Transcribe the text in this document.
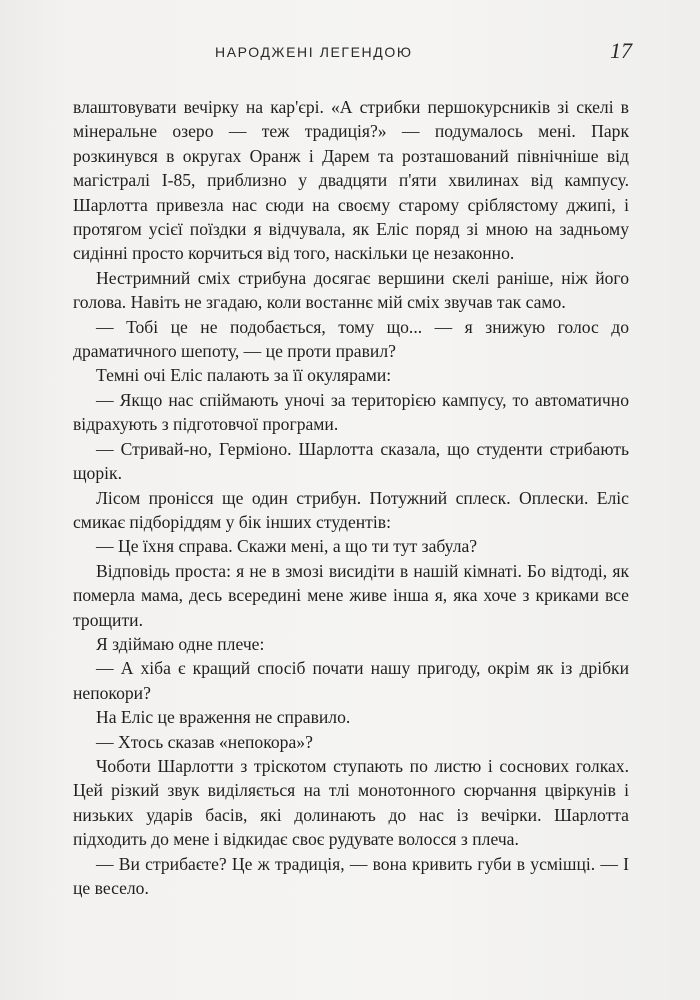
НАРОДЖЕНІ ЛЕГЕНДОЮ	17

влаштовувати вечірку на кар'єрі. «А стрибки першокурсників зі скелі в мінеральне озеро — теж традиція?» — подумалось мені. Парк розкинувся в округах Оранж і Дарем та розташований північніше від магістралі I-85, приблизно у двадцяти п'яти хвилинах від кампусу. Шарлотта привезла нас сюди на своєму старому сріблястому джипі, і протягом усієї поїздки я відчувала, як Еліс поряд зі мною на задньому сидінні просто корчиться від того, наскільки це незаконно.

Нестримний сміх стрибуна досягає вершини скелі раніше, ніж його голова. Навіть не згадаю, коли востаннє мій сміх звучав так само.

— Тобі це не подобається, тому що... — я знижую голос до драматичного шепоту, — це проти правил?

Темні очі Еліс палають за її окулярами:

— Якщо нас спіймають уночі за територією кампусу, то автоматично відрахують з підготовчої програми.

— Стривай-но, Герміоно. Шарлотта сказала, що студенти стрибають щорік.

Лісом пронісся ще один стрибун. Потужний сплеск. Оплески. Еліс смикає підборіддям у бік інших студентів:

— Це їхня справа. Скажи мені, а що ти тут забула?

Відповідь проста: я не в змозі висидіти в нашій кімнаті. Бо відтоді, як померла мама, десь всередині мене живе інша я, яка хоче з криками все трощити.

Я здіймаю одне плече:

— А хіба є кращий спосіб почати нашу пригоду, окрім як із дрібки непокори?

На Еліс це враження не справило.

— Хтось сказав «непокора»?

Чоботи Шарлотти з тріскотом ступають по листю і соснових голках. Цей різкий звук виділяється на тлі монотонного сюрчання цвіркунів і низьких ударів басів, які долинають до нас із вечірки. Шарлотта підходить до мене і відкидає своє рудувате волосся з плеча.

— Ви стрибаєте? Це ж традиція, — вона кривить губи в усмішці. — І це весело.
